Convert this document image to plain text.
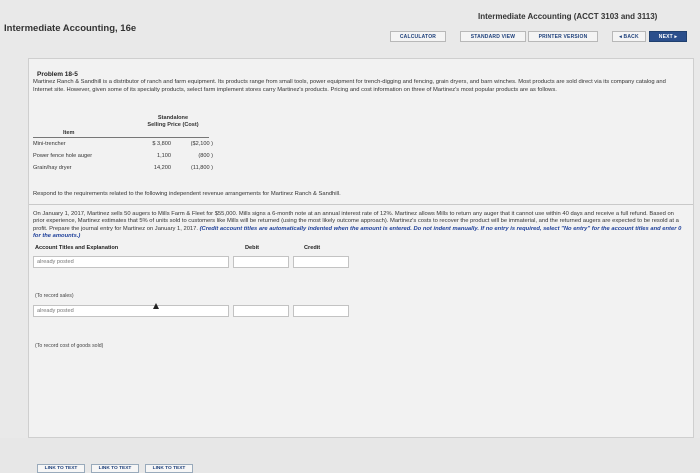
Intermediate Accounting (ACCT 3103 and 3113)
Intermediate Accounting, 16e
CALCULATOR	STANDARD VIEW	PRINTER VERSION	◂ BACK	NEXT ▸
Problem 18-5
Martinez Ranch & Sandhill is a distributor of ranch and farm equipment. Its products range from small tools, power equipment for trench-digging and fencing, grain dryers, and barn winches. Most products are sold direct via its company catalog and Internet site. However, given some of its specialty products, select farm implement stores carry Martinez's products. Pricing and cost information on three of Martinez's most popular products are as follows.
Standalone
Selling Price (Cost)
Item
Mini-trencher	$ 3,800	($2,100 )
Power fence hole auger	1,100	(800 )
Grain/hay dryer	14,200	(11,800 )
Respond to the requirements related to the following independent revenue arrangements for Martinez Ranch & Sandhill.
On January 1, 2017, Martinez sells 50 augers to Mills Farm & Fleet for $55,000. Mills signs a 6-month note at an annual interest rate of 12%. Martinez allows Mills to return any auger that it cannot use within 40 days and receive a full refund. Based on prior experience, Martinez estimates that 5% of units sold to customers like Mills will be returned (using the most likely outcome approach). Martinez's costs to recover the product will be immaterial, and the returned augers are expected to be resold at a profit. Prepare the journal entry for Martinez on January 1, 2017. (Credit account titles are automatically indented when the amount is entered. Do not indent manually. If no entry is required, select "No entry" for the account titles and enter 0 for the amounts.)
Account Titles and Explanation	Debit	Credit
already posted
(To record sales)
already posted
(To record cost of goods sold)
LINK TO TEXT	LINK TO TEXT	LINK TO TEXT
